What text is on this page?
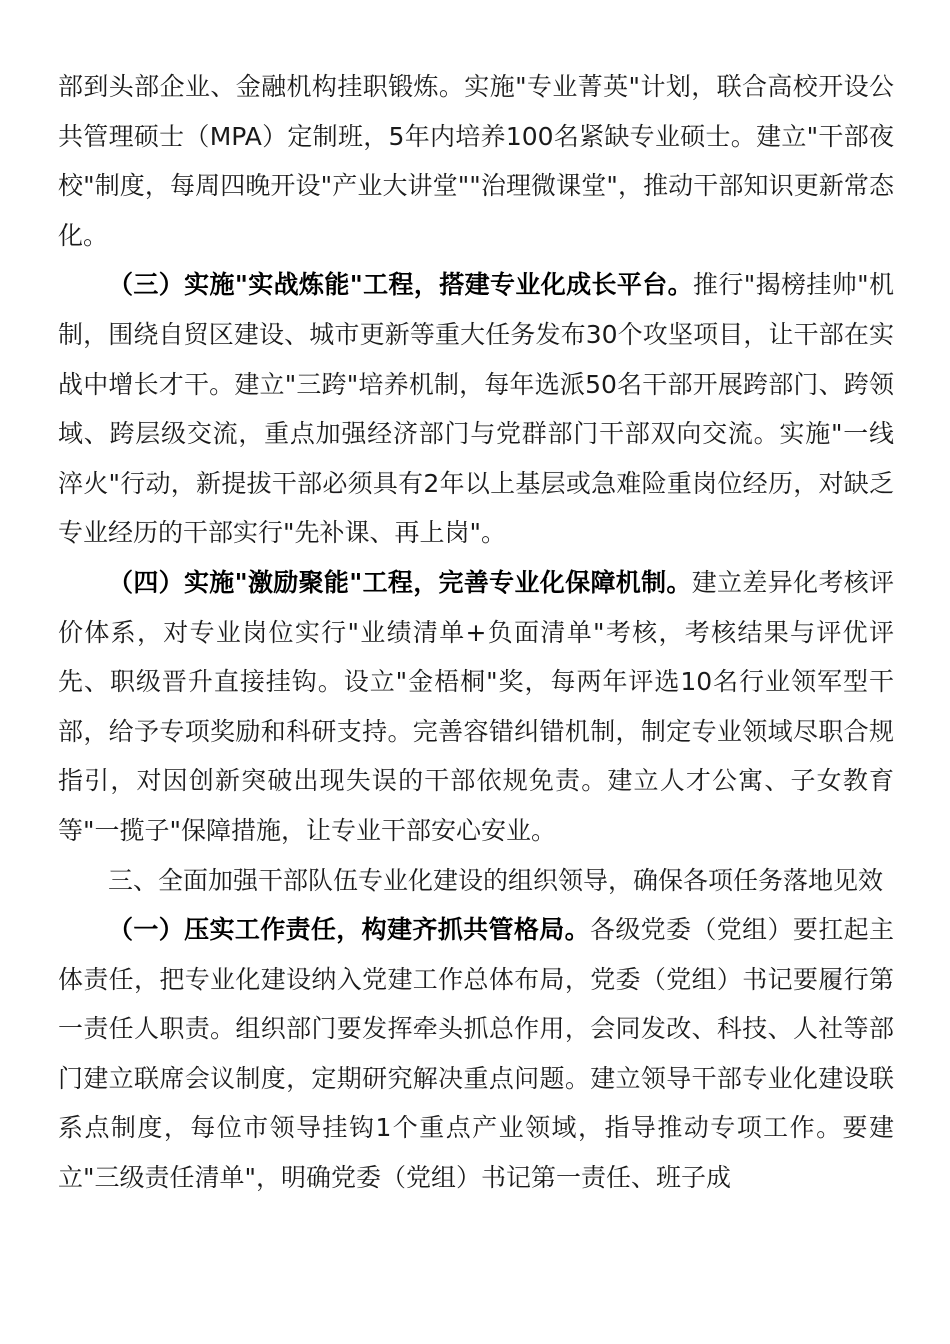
部到头部企业、金融机构挂职锻炼。实施"专业菁英"计划，联合高校开设公共管理硕士（MPA）定制班，5年内培养100名紧缺专业硕士。建立"干部夜校"制度，每周四晚开设"产业大讲堂""治理微课堂"，推动干部知识更新常态化。

（三）实施"实战炼能"工程，搭建专业化成长平台。推行"揭榜挂帅"机制，围绕自贸区建设、城市更新等重大任务发布30个攻坚项目，让干部在实战中增长才干。建立"三跨"培养机制，每年选派50名干部开展跨部门、跨领域、跨层级交流，重点加强经济部门与党群部门干部双向交流。实施"一线淬火"行动，新提拔干部必须具有2年以上基层或急难险重岗位经历，对缺乏专业经历的干部实行"先补课、再上岗"。

（四）实施"激励聚能"工程，完善专业化保障机制。建立差异化考核评价体系，对专业岗位实行"业绩清单+负面清单"考核，考核结果与评优评先、职级晋升直接挂钩。设立"金梧桐"奖，每两年评选10名行业领军型干部，给予专项奖励和科研支持。完善容错纠错机制，制定专业领域尽职合规指引，对因创新突破出现失误的干部依规免责。建立人才公寓、子女教育等"一揽子"保障措施，让专业干部安心安业。

三、全面加强干部队伍专业化建设的组织领导，确保各项任务落地见效

（一）压实工作责任，构建齐抓共管格局。各级党委（党组）要扛起主体责任，把专业化建设纳入党建工作总体布局，党委（党组）书记要履行第一责任人职责。组织部门要发挥牵头抓总作用，会同发改、科技、人社等部门建立联席会议制度，定期研究解决重点问题。建立领导干部专业化建设联系点制度，每位市领导挂钩1个重点产业领域，指导推动专项工作。要建立"三级责任清单"，明确党委（党组）书记第一责任、班子成
